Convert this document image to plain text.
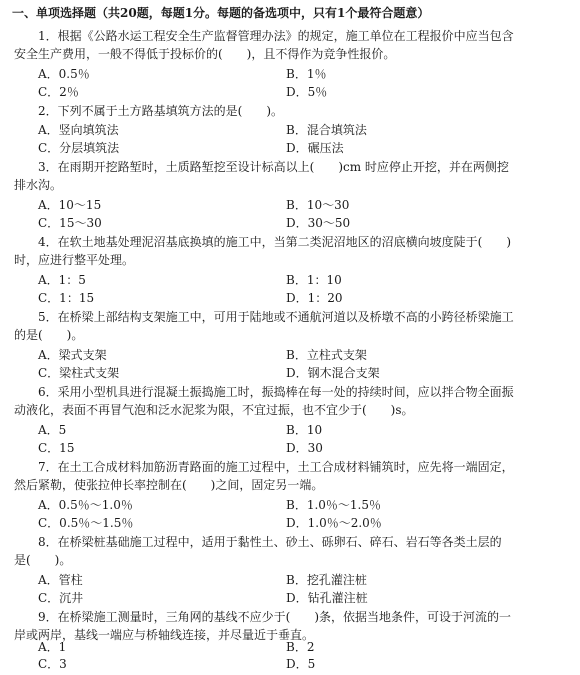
一、单项选择题（共20题，每题1分。每题的备选项中，只有1个最符合题意）
1．根据《公路水运工程安全生产监督管理办法》的规定，施工单位在工程报价中应当包含
安全生产费用，一般不得低于投标价的(　　)，且不得作为竞争性报价。
A．0.5％	B．1％
C．2％	D．5％
2．下列不属于土方路基填筑方法的是(　　)。
A．竖向填筑法	B．混合填筑法
C．分层填筑法	D．碾压法
3．在雨期开挖路堑时，土质路堑挖至设计标高以上(　　)cm 时应停止开挖，并在两侧挖
排水沟。
A．10～15	B．10～30
C．15～30	D．30～50
4．在软土地基处理泥沼基底换填的施工中，当第二类泥沼地区的沼底横向坡度陡于(　　)
时，应进行整平处理。
A．1：5	B．1：10
C．1：15	D．1：20
5．在桥梁上部结构支架施工中，可用于陆地或不通航河道以及桥墩不高的小跨径桥梁施工
的是(　　)。
A．梁式支架	B．立柱式支架
C．梁柱式支架	D．钢木混合支架
6．采用小型机具进行混凝土振捣施工时，振捣棒在每一处的持续时间，应以拌合物全面振
动液化，表面不再冒气泡和泛水泥浆为限，不宜过振，也不宜少于(　　)s。
A．5	B．10
C．15	D．30
7．在土工合成材料加筋沥青路面的施工过程中，土工合成材料铺筑时，应先将一端固定，
然后紧勒，使张拉伸长率控制在(　　)之间，固定另一端。
A．0.5％～1.0％	B．1.0％～1.5％
C．0.5％～1.5％	D．1.0％～2.0％
8．在桥梁桩基础施工过程中，适用于黏性土、砂土、砾卵石、碎石、岩石等各类土层的
是(　　)。
A．管柱	B．挖孔灌注桩
C．沉井	D．钻孔灌注桩
9．在桥梁施工测量时，三角网的基线不应少于(　　)条，依据当地条件，可设于河流的一
岸或两岸，基线一端应与桥轴线连接，并尽量近于垂直。
A．1	B．2
C．3	D．5
